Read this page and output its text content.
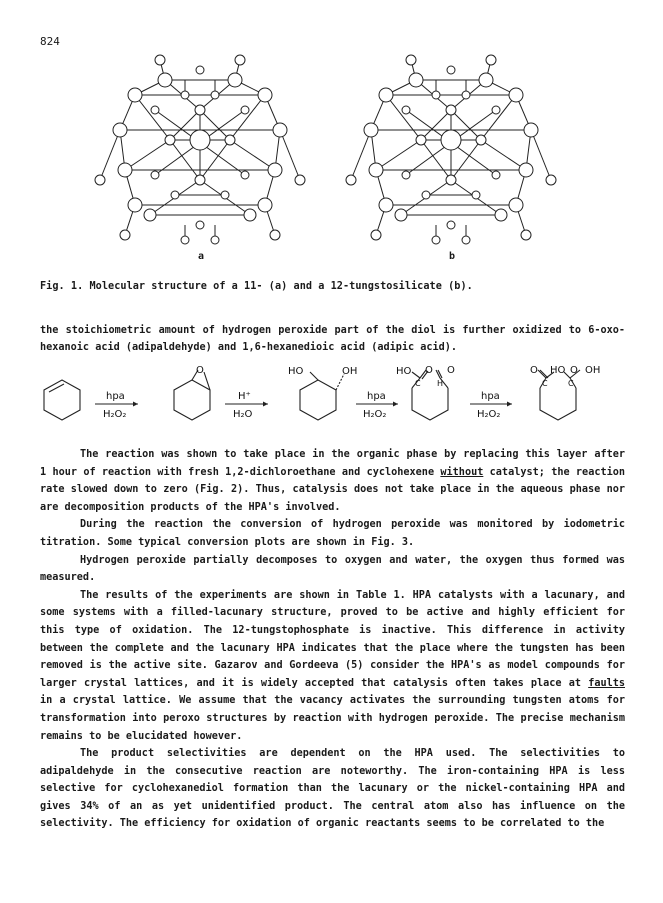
824
a	b
Fig. 1. Molecular structure of a 11- (a) and a 12-tungstosilicate (b).

the stoichiometric amount of hydrogen peroxide part of the diol is further oxidized to 6-oxo-hexanoic acid (adipaldehyde) and 1,6-hexanedioic acid (adipic acid).

hpa
H₂O₂
O
H⁺
H₂O
HO	OH
hpa
H₂O₂
HO O O
C H
hpa
H₂O₂
O HO O OH
C	C

The reaction was shown to take place in the organic phase by replacing this layer after 1 hour of reaction with fresh 1,2-dichloroethane and cyclohexene without catalyst; the reaction rate slowed down to zero (Fig. 2). Thus, catalysis does not take place in the aqueous phase nor are decomposition products of the HPA's involved.

During the reaction the conversion of hydrogen peroxide was monitored by iodometric titration. Some typical conversion plots are shown in Fig. 3.

Hydrogen peroxide partially decomposes to oxygen and water, the oxygen thus formed was measured.

The results of the experiments are shown in Table 1. HPA catalysts with a lacunary, and some systems with a filled-lacunary structure, proved to be active and highly efficient for this type of oxidation. The 12-tungstophosphate is inactive. This difference in activity between the complete and the lacunary HPA indicates that the place where the tungsten has been removed is the active site. Gazarov and Gordeeva (5) consider the HPA's as model compounds for larger crystal lattices, and it is widely accepted that catalysis often takes place at faults in a crystal lattice. We assume that the vacancy activates the surrounding tungsten atoms for transformation into peroxo structures by reaction with hydrogen peroxide. The precise mechanism remains to be elucidated however.

The product selectivities are dependent on the HPA used. The selectivities to adipaldehyde in the consecutive reaction are noteworthy. The iron-containing HPA is less selective for cyclohexanediol formation than the lacunary or the nickel-containing HPA and gives 34% of an as yet unidentified product. The central atom also has influence on the selectivity. The efficiency for oxidation of organic reactants seems to be correlated to the
